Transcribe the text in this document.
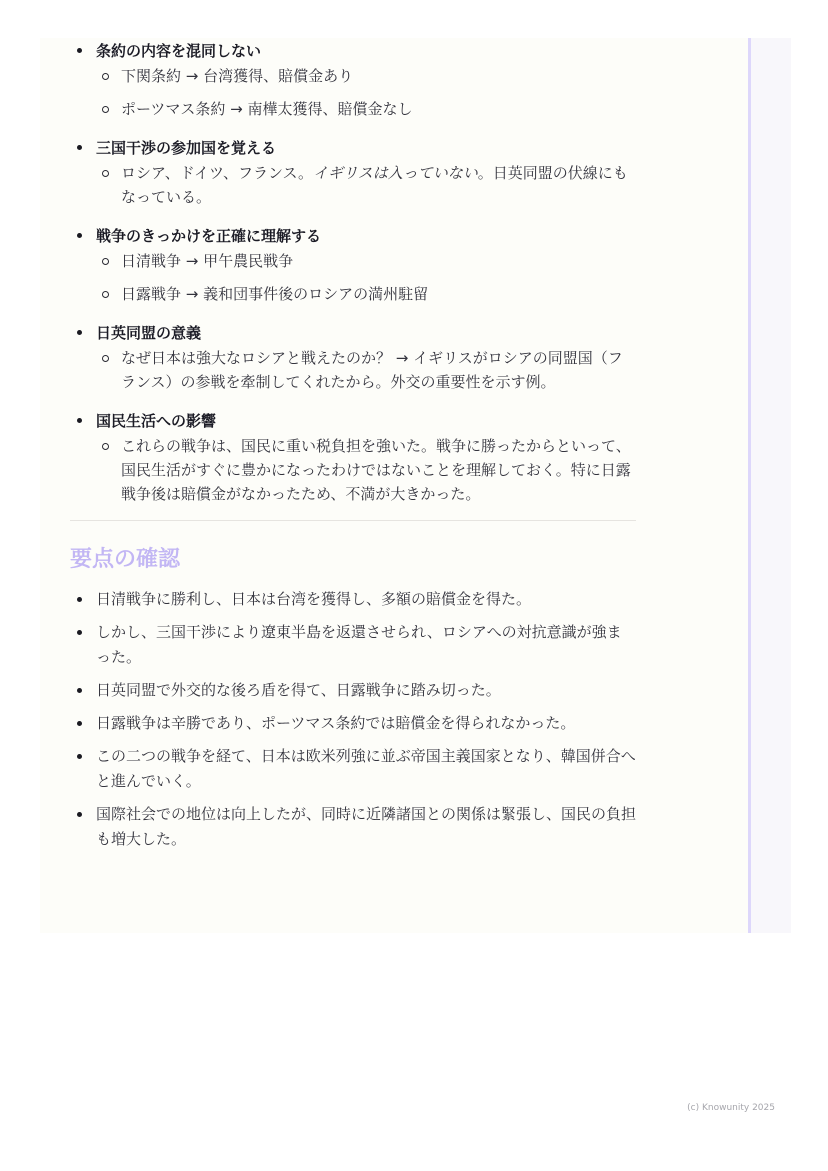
条約の内容を混同しない
下関条約 → 台湾獲得、賠償金あり
ポーツマス条約 → 南樺太獲得、賠償金なし
三国干渉の参加国を覚える
ロシア、ドイツ、フランス。イギリスは入っていない。日英同盟の伏線にもなっている。
戦争のきっかけを正確に理解する
日清戦争 → 甲午農民戦争
日露戦争 → 義和団事件後のロシアの満州駐留
日英同盟の意義
なぜ日本は強大なロシアと戦えたのか？ → イギリスがロシアの同盟国（フランス）の参戦を牽制してくれたから。外交の重要性を示す例。
国民生活への影響
これらの戦争は、国民に重い税負担を強いた。戦争に勝ったからといって、国民生活がすぐに豊かになったわけではないことを理解しておく。特に日露戦争後は賠償金がなかったため、不満が大きかった。
要点の確認
日清戦争に勝利し、日本は台湾を獲得し、多額の賠償金を得た。
しかし、三国干渉により遼東半島を返還させられ、ロシアへの対抗意識が強まった。
日英同盟で外交的な後ろ盾を得て、日露戦争に踏み切った。
日露戦争は辛勝であり、ポーツマス条約では賠償金を得られなかった。
この二つの戦争を経て、日本は欧米列強に並ぶ帝国主義国家となり、韓国併合へと進んでいく。
国際社会での地位は向上したが、同時に近隣諸国との関係は緊張し、国民の負担も増大した。
(c) Knowunity 2025
